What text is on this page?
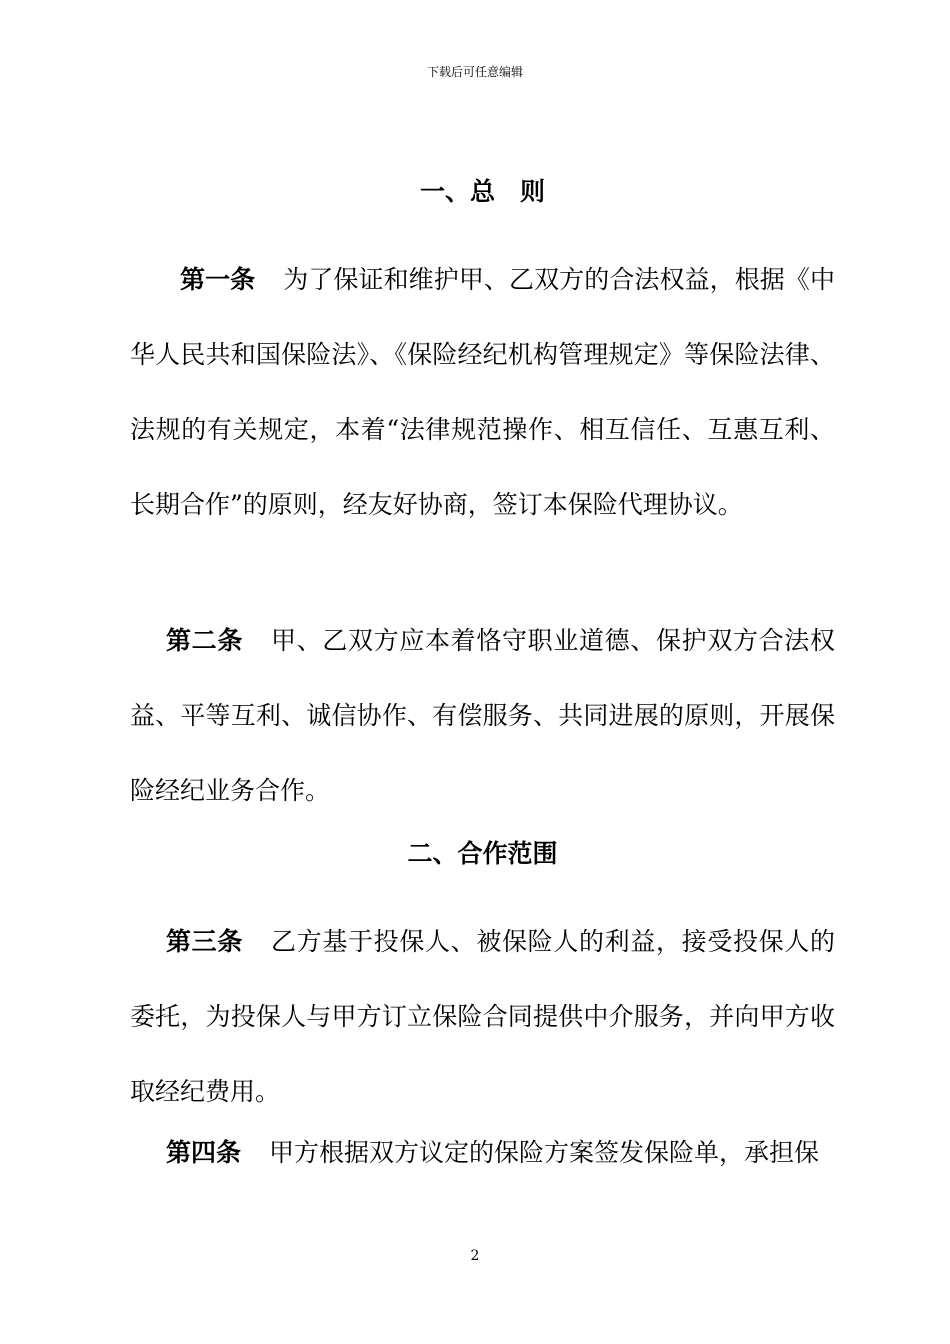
下载后可任意编辑
一、总　则

第一条 为了保证和维护甲、乙双方的合法权益，根据《中华人民共和国保险法》、《保险经纪机构管理规定》等保险法律、法规的有关规定，本着“法律规范操作、相互信任、互惠互利、长期合作”的原则，经友好协商，签订本保险代理协议。

第二条 甲、乙双方应本着恪守职业道德、保护双方合法权益、平等互利、诚信协作、有偿服务、共同进展的原则，开展保险经纪业务合作。

二、合作范围

第三条 乙方基于投保人、被保险人的利益，接受投保人的委托，为投保人与甲方订立保险合同提供中介服务，并向甲方收取经纪费用。

第四条 甲方根据双方议定的保险方案签发保险单，承担保

2
